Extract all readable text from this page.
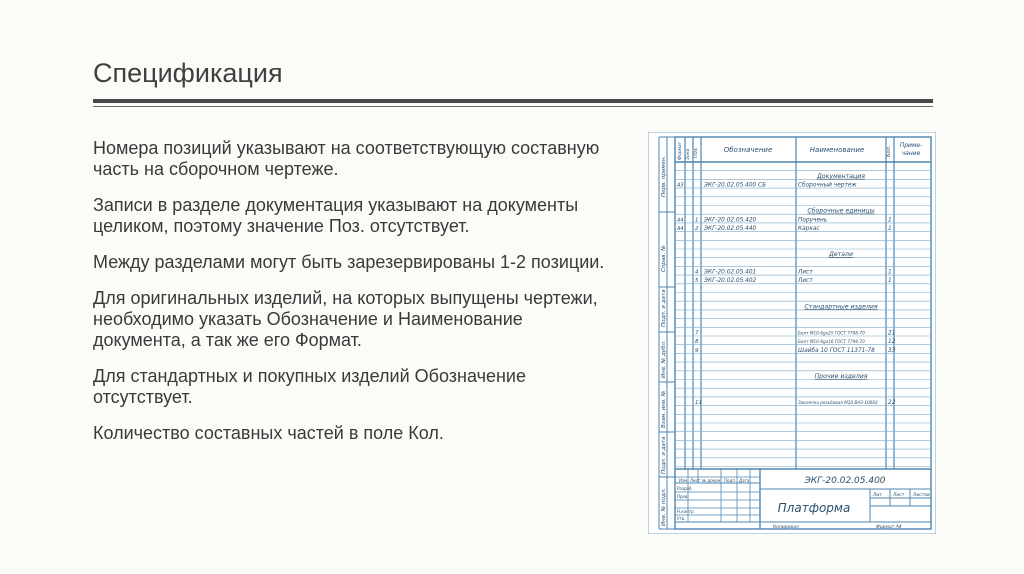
Спецификация

Номера позиций указывают на соответствующую составную часть на сборочном чертеже.

Записи в разделе документация указывают на документы целиком, поэтому значение Поз. отсутствует.

Между разделами могут быть зарезервированы 1-2 позиции.

Для оригинальных изделий, на которых выпущены чертежи, необходимо указать Обозначение и Наименование документа, а так же его Формат.

Для стандартных и покупных изделий Обозначение отсутствует.

Количество составных частей в поле Кол.

Перв. примен.
Справ. №
Подп. и дата
Инв. № дубл.
Взам. инв. №
Подп. и дата
Инв. № подл.
Формат Зона Поз.	Обозначение	Наименование	Кол.
Приме-
чание
Документация
А3	ЭКГ-20.02.05.400 СБ	Сборочный чертеж
Сборочные единицы
А4 1 ЭКГ-20.02.05.420	Поручень	1
А4 2 ЭКГ-20.02.05.440	Каркас	1
Детали
4 ЭКГ-20.02.05.401	Лист	1
5 ЭКГ-20.02.05.402	Лист	1
Стандартные изделия
7	Болт М10-6gх25 ГОСТ 7798-70	21
8	Болт М10-6gх16 ГОСТ 7798-70	12
9	Шайба 10 ГОСТ 11371-78 33
Прочие изделия
11	Заклепка резьбовая М10 ВАЗ-10602 22
Изм. Лист № докум. Подп. Дата
Разраб.
Пров.
Н.контр.
Утв.
ЭКГ-20.02.05.400
Платформа
Лит. Лист Листов
Копировал	Формат А4
